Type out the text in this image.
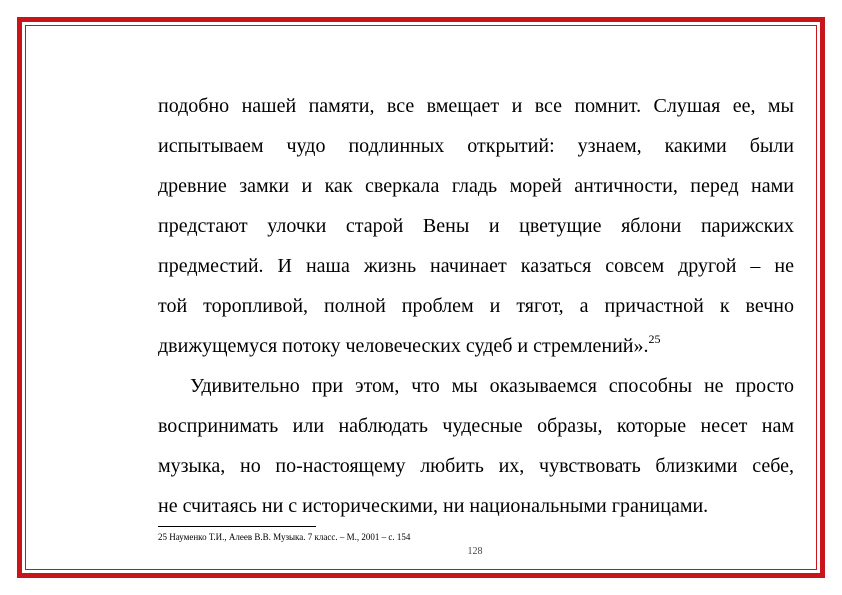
подобно нашей памяти, все вмещает и все помнит. Слушая ее, мы
испытываем чудо подлинных открытий: узнаем, какими были
древние замки и как сверкала гладь морей античности, перед нами
предстают улочки старой Вены и цветущие яблони парижских
предместий. И наша жизнь начинает казаться совсем другой – не
той торопливой, полной проблем и тягот, а причастной к вечно
движущемуся потоку человеческих судеб и стремлений».$^{25}$
Удивительно при этом, что мы оказываемся способны не просто
воспринимать или наблюдать чудесные образы, которые несет нам
музыка, но по-настоящему любить их, чувствовать близкими себе,
не считаясь ни с историческими, ни национальными границами.
25 Науменко Т.И., Алеев В.В. Музыка. 7 класс. – М., 2001 – с. 154
128
